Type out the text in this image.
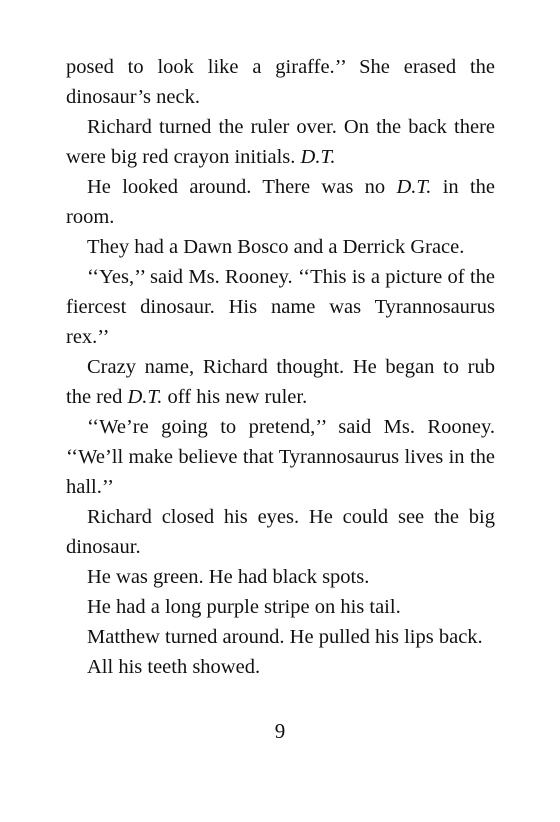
posed to look like a giraffe.’’ She erased the dinosaur’s neck.

Richard turned the ruler over. On the back there were big red crayon initials. D.T.

He looked around. There was no D.T. in the room.

They had a Dawn Bosco and a Derrick Grace.

‘‘Yes,’’ said Ms. Rooney. ‘‘This is a picture of the fiercest dinosaur. His name was Tyrannosaurus rex.’’

Crazy name, Richard thought. He began to rub the red D.T. off his new ruler.

‘‘We’re going to pretend,’’ said Ms. Rooney. ‘‘We’ll make believe that Tyrannosaurus lives in the hall.’’

Richard closed his eyes. He could see the big dinosaur.

He was green. He had black spots.

He had a long purple stripe on his tail.

Matthew turned around. He pulled his lips back.

All his teeth showed.

9
